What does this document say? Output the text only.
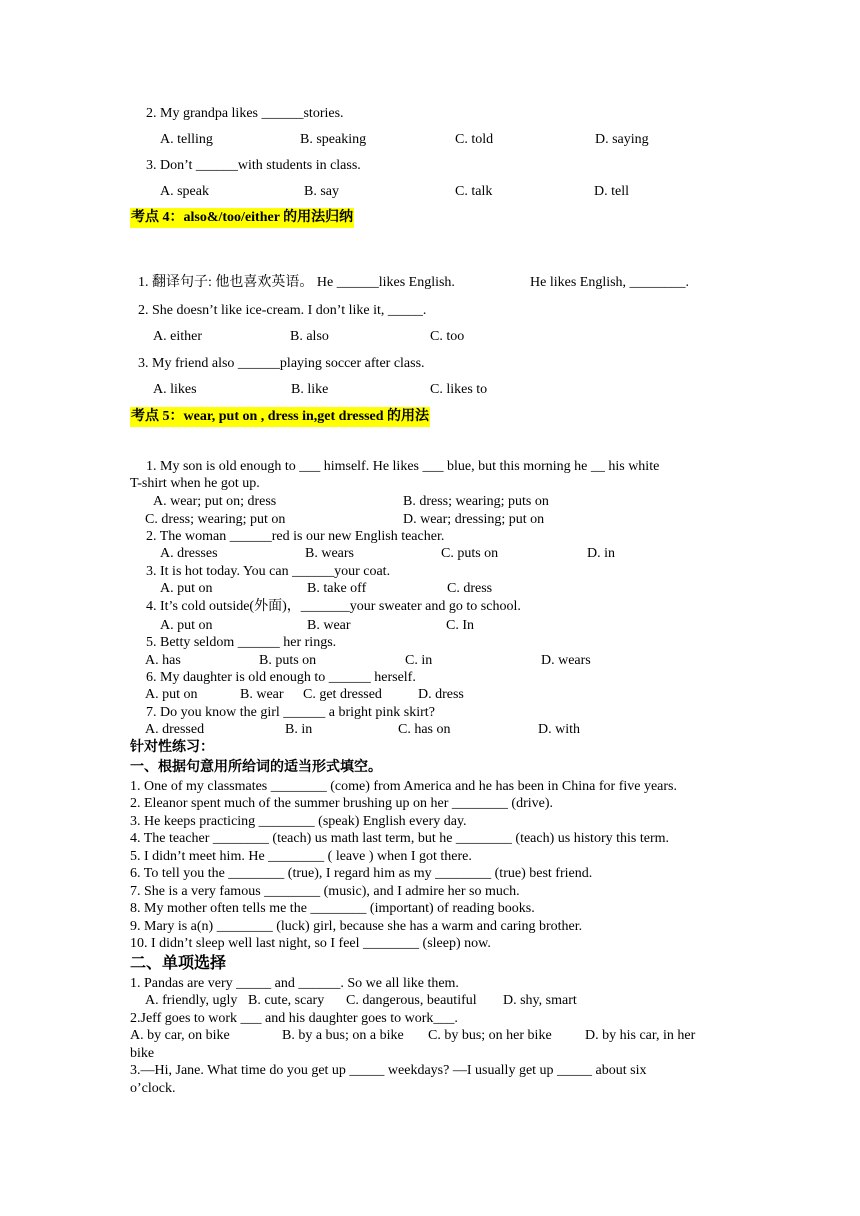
2. My grandpa likes ______stories.
A. telling	B. speaking	C. told	D. saying
3. Don’t ______with students in class.
A. speak	B. say	C. talk	D. tell
考点 4：also&/too/either 的用法归纳
1. 翻译句子: 他也喜欢英语。 He ______likes English.	He likes English, ________.
2. She doesn’t like ice-cream. I don’t like it, _____.
A. either	B. also	C. too
3. My friend also ______playing soccer after class.
A. likes	B. like	C. likes to
考点 5：wear, put on , dress in,get dressed 的用法
1. My son is old enough to ___ himself. He likes ___ blue, but this morning he __ his white
T-shirt when he got up.
A. wear; put on; dress	B. dress; wearing; puts on
C. dress; wearing; put on	D. wear; dressing; put on
2. The woman ______red is our new English teacher.
A. dresses	B. wears	C. puts on	D. in
3. It is hot today. You can ______your coat.
A. put on	B. take off	C. dress
4. It’s cold outside(外面)，_______your sweater and go to school.
A. put on	B. wear	C. In
5. Betty seldom ______ her rings.
A. has	B. puts on	C. in	D. wears
6. My daughter is old enough to ______ herself.
A. put on	B. wear C. get dressed	D. dress
7. Do you know the girl ______ a bright pink skirt?
A. dressed	B. in	C. has on	D. with
针对性练习：
一、根据句意用所给词的适当形式填空。
1. One of my classmates ________ (come) from America and he has been in China for five years.
2. Eleanor spent much of the summer brushing up on her ________ (drive).
3. He keeps practicing ________ (speak) English every day.
4. The teacher ________ (teach) us math last term, but he ________ (teach) us history this term.
5. I didn’t meet him. He ________ ( leave ) when I got there.
6. To tell you the ________ (true), I regard him as my ________ (true) best friend.
7. She is a very famous ________ (music), and I admire her so much.
8. My mother often tells me the ________ (important) of reading books.
9. Mary is a(n) ________ (luck) girl, because she has a warm and caring brother.
10. I didn’t sleep well last night, so I feel ________ (sleep) now.
二、单项选择
1. Pandas are very _____ and ______. So we all like them.
A. friendly, ugly B. cute, scary C. dangerous, beautiful D. shy, smart
2.Jeff goes to work ___ and his daughter goes to work___.
A. by car, on bike	B. by a bus; on a bike C. by bus; on her bike D. by his car, in her
bike
3.—Hi, Jane. What time do you get up _____ weekdays? —I usually get up _____ about six
o’clock.
